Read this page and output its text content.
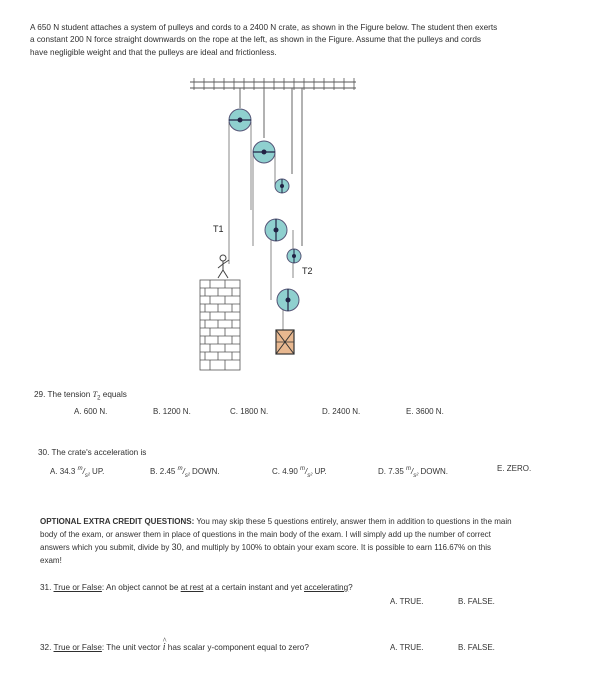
A 650 N student attaches a system of pulleys and cords to a 2400 N crate, as shown in the Figure below. The student then exerts
a constant 200 N force straight downwards on the rope at the left, as shown in the Figure. Assume that the pulleys and cords
have negligible weight and that the pulleys are ideal and frictionless.
T1
T2
29. The tension $T_2$ equals
A. 600 N.	B. 1200 N.	C. 1800 N.	D. 2400 N.	E. 3600 N.
30. The crate's acceleration is
A. 34.3 $^m/_{s^2}$ UP.	B. 2.45 $^m/_{s^2}$ DOWN.	C. 4.90 $^m/_{s^2}$ UP.	D. 7.35 $^m/_{s^2}$ DOWN.	E. ZERO.
OPTIONAL EXTRA CREDIT QUESTIONS: You may skip these 5 questions entirely, answer them in addition to questions in the main
body of the exam, or answer them in place of questions in the main body of the exam. I will simply add up the number of correct
answers which you submit, divide by 30, and multiply by 100% to obtain your exam score. It is possible to earn 116.67% on this
exam!
31. True or False: An object cannot be at rest at a certain instant and yet accelerating?
A. TRUE.	B. FALSE.
32. True or False: The unit vector ^ i has scalar y-component equal to zero?	A. TRUE.	B. FALSE.
